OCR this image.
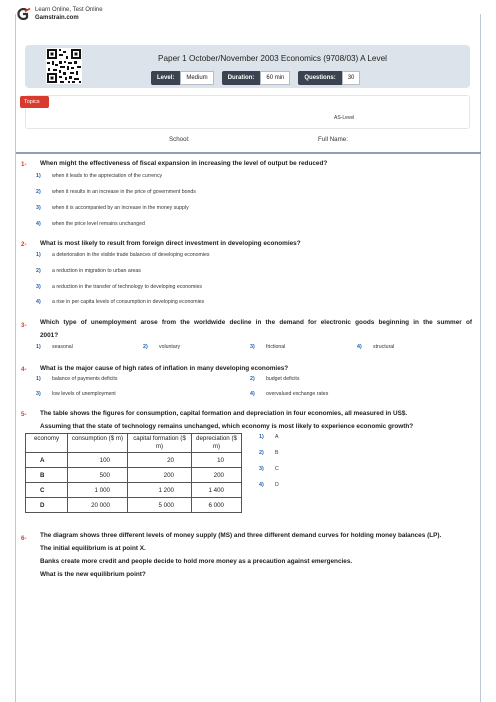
Learn Online, Test Online
Gamstrain.com
Paper 1 October/November 2003 Economics (9708/03) A Level
Level:	Medium	Duration:	60 min	Questions:	30
Topics
AS-Level
School:	Full Name:
1- When might the effectiveness of fiscal expansion in increasing the level of output be reduced?
1)	when it leads to the appreciation of the currency
2)	when it results in an increase in the price of government bonds
3)	when it is accompanied by an increase in the money supply
4)	when the price level remains unchanged
2- What is most likely to result from foreign direct investment in developing economies?
1)	a deterioration in the visible trade balances of developing economies
2)	a reduction in migration to urban areas
3)	a reduction in the transfer of technology to developing economies
4)	a rise in per capita levels of consumption in developing economies
3- Which type of unemployment arose from the worldwide decline in the demand for electronic goods beginning in the summer of
2001?
1)	seasonal	2)	voluntary	3)	frictional	4)	structural
4- What is the major cause of high rates of inflation in many developing economies?
1)	balance of payments deficits	2)	budget deficits
3)	low levels of unemployment	4)	overvalued exchange rates
5- The table shows the figures for consumption, capital formation and depreciation in four economies, all measured in US$.
Assuming that the state of technology remains unchanged, which economy is most likely to experience economic growth?
economy	consumption ($ m)	capital formation ($ m)	depreciation ($ m)
A	100	20	10
B	500	200	200
C	1 000	1 200	1 400
D	20 000	5 000	6 000
1)	A
2)	B
3)	C
4)	D
6- The diagram shows three different levels of money supply (MS) and three different demand curves for holding money balances (LP).
The initial equilibrium is at point X.
Banks create more credit and people decide to hold more money as a precaution against emergencies.
What is the new equilibrium point?
